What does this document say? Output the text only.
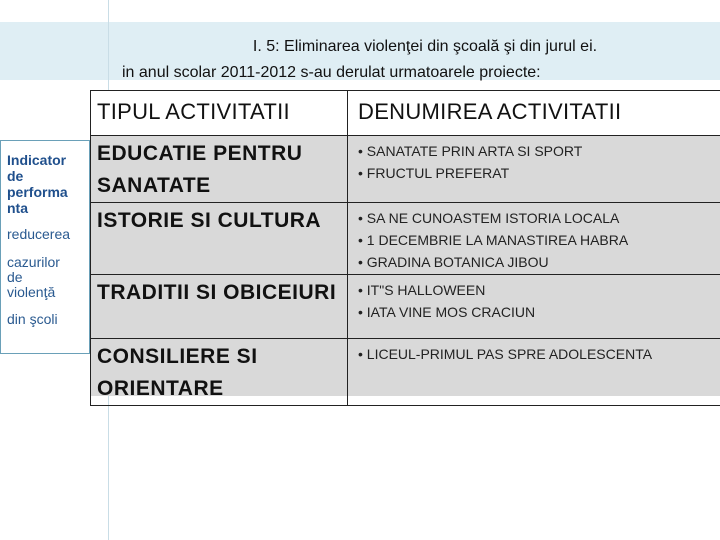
I. 5: Eliminarea violenţei din şcoală şi din jurul ei.
in anul scolar 2011-2012 s-au derulat urmatoarele proiecte:
Indicator
de
performa
nta
reducerea
cazurilor
de
violenţă
din şcoli
TIPUL ACTIVITATII	DENUMIREA ACTIVITATII
EDUCATIE PENTRU SANATATE	• SANATATE PRIN ARTA SI SPORT
• FRUCTUL PREFERAT

ISTORIE SI CULTURA	• SA NE CUNOASTEM ISTORIA LOCALA
• 1 DECEMBRIE LA MANASTIREA HABRA
• GRADINA BOTANICA JIBOU

TRADITII SI OBICEIURI	• IT"S HALLOWEEN
• IATA VINE MOS CRACIUN

CONSILIERE SI ORIENTARE	• LICEUL-PRIMUL PAS SPRE ADOLESCENTA
